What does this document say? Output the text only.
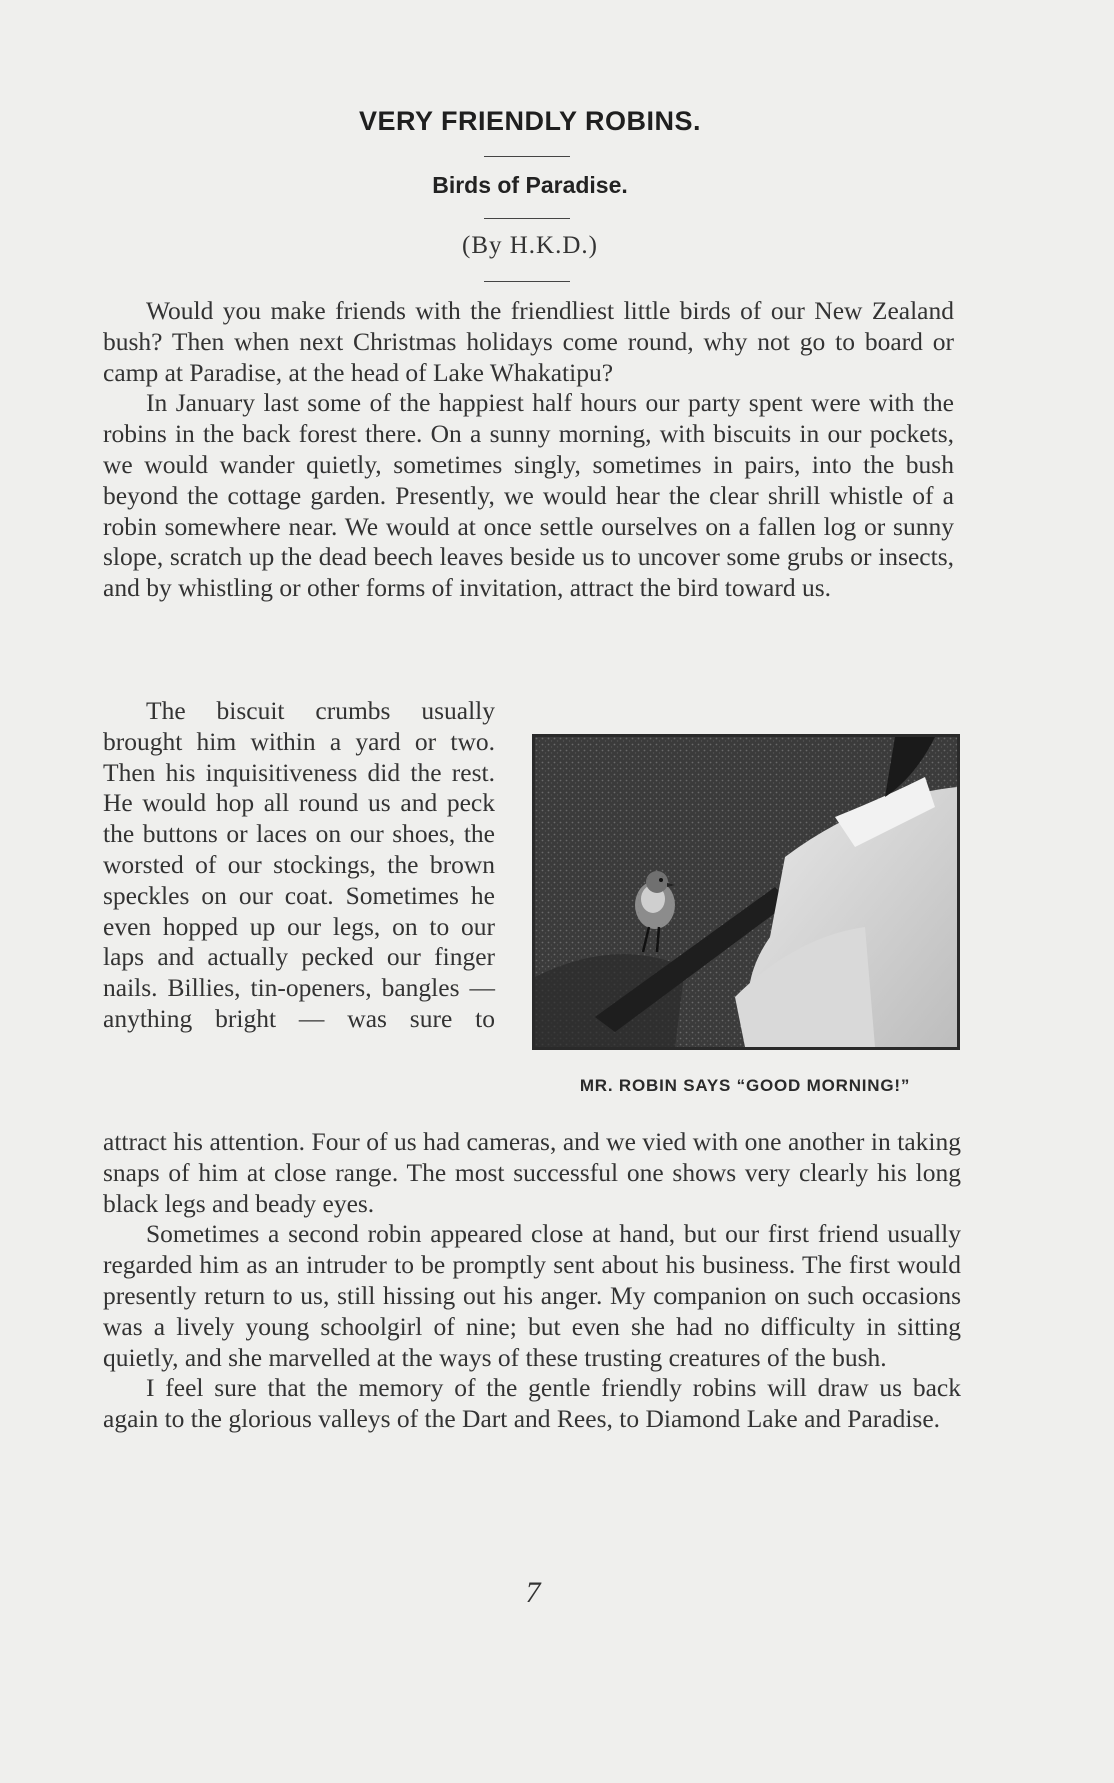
VERY FRIENDLY ROBINS.
Birds of Paradise.
(By H.K.D.)

Would you make friends with the friendliest little birds of our New Zealand bush? Then when next Christmas holidays come round, why not go to board or camp at Paradise, at the head of Lake Whakatipu?

In January last some of the happiest half hours our party spent were with the robins in the back forest there. On a sunny morning, with biscuits in our pockets, we would wander quietly, sometimes singly, sometimes in pairs, into the bush beyond the cottage garden. Presently, we would hear the clear shrill whistle of a robin somewhere near. We would at once settle ourselves on a fallen log or sunny slope, scratch up the dead beech leaves beside us to uncover some grubs or insects, and by whistling or other forms of invitation, attract the bird toward us.

The biscuit crumbs usually brought him within a yard or two. Then his inquisitiveness did the rest. He would hop all round us and peck the buttons or laces on our shoes, the worsted of our stockings, the brown speckles on our coat. Sometimes he even hopped up our legs, on to our laps and actually pecked our finger nails. Billies, tin-openers, bangles — anything bright — was sure to

MR. ROBIN SAYS “GOOD MORNING!”

attract his attention. Four of us had cameras, and we vied with one another in taking snaps of him at close range. The most successful one shows very clearly his long black legs and beady eyes.

Sometimes a second robin appeared close at hand, but our first friend usually regarded him as an intruder to be promptly sent about his business. The first would presently return to us, still hissing out his anger. My companion on such occasions was a lively young schoolgirl of nine; but even she had no difficulty in sitting quietly, and she marvelled at the ways of these trusting creatures of the bush.

I feel sure that the memory of the gentle friendly robins will draw us back again to the glorious valleys of the Dart and Rees, to Diamond Lake and Paradise.

7
